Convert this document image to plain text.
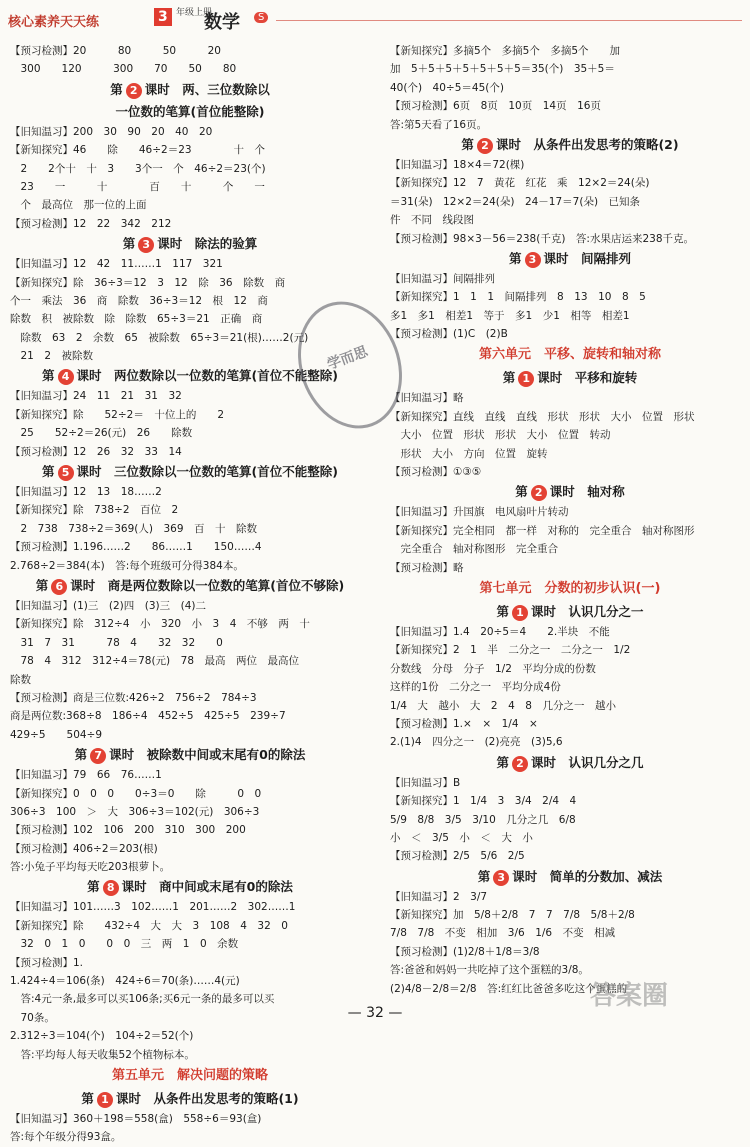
核心素养天天练	3 年级上册
数学	S
【预习检测】20　　　80　　　50　　　20
　300　　120　　　300　　70　　50　　80
第 2 课时　两、三位数除以
一位数的笔算(首位能整除)
【旧知温习】200　30　90　20　40　20
【新知探究】46　　除　　46÷2＝23　　　　十　个
　2　　2个十　十　3　　3个一　个　46÷2＝23(个)
　23　　一　　　十　　　　百　　十　　　个　　一
　个　最高位　那一位的上面
【预习检测】12　22　342　212
第 3 课时　除法的验算
【旧知温习】12　42　11……1　117　321
【新知探究】除　36÷3＝12　3　12　除　36　除数　商
个一　乘法　36　商　除数　36÷3＝12　根　12　商
除数　积　被除数　除　除数　65÷3＝21　正确　商
　除数　63　2　余数　65　被除数　65÷3＝21(根)……2(元)
　21　2　被除数
第 4 课时　两位数除以一位数的笔算(首位不能整除)
【旧知温习】24　11　21　31　32
【新知探究】除　　52÷2＝　十位上的　　2
　25　　52÷2＝26(元)　26　　除数
【预习检测】12　26　32　33　14
第 5 课时　三位数除以一位数的笔算(首位不能整除)
【旧知温习】12　13　18……2　　　
【新知探究】除　738÷2　百位　2　　　
　2　738　738÷2＝369(人)　369　百　十　除数
【预习检测】1.196……2　　86……1　　150……4
2.768÷2＝384(本)　答:每个班级可分得384本。
第 6 课时　商是两位数除以一位数的笔算(首位不够除)
【旧知温习】(1)三　(2)四　(3)三　(4)二
【新知探究】除　312÷4　小　320　小　3　4　不够　两　十
　31　7　31　　　78　4　　32　32　　0
　78　4　312　312÷4＝78(元)　78　最高　两位　最高位
除数
【预习检测】商是三位数:426÷2　756÷2　784÷3
商是两位数:368÷8　186÷4　452÷5　425÷5　239÷7
429÷5　　504÷9
第 7 课时　被除数中间或末尾有0的除法
【旧知温习】79　66　76……1
【新知探究】0　0　0　　0÷3＝0　　除　　　0　0
306÷3　100　＞　大　306÷3＝102(元)　306÷3
【预习检测】102　106　200　310　300　200
【预习检测】406÷2＝203(根)
答:小兔子平均每天吃203根萝卜。
第 8 课时　商中间或末尾有0的除法
【旧知温习】101……3　102……1　201……2　302……1
【新知探究】除　　432÷4　大　大　3　108　4　32　0
　32　0　1　0　　0　0　三　两　1　0　余数
【预习检测】1.　　　
1.424÷4＝106(条)　424÷6＝70(条)……4(元)
　答:4元一条,最多可以买106条;买6元一条的最多可以买
　70条。
2.312÷3＝104(个)　104÷2＝52(个)
　答:平均每人每天收集52个植物标本。
第五单元　解决问题的策略
第 1 课时　从条件出发思考的策略(1)
【旧知温习】360＋198＝558(盒)　558÷6＝93(盒)
答:每个年级分得93盒。
【新知探究】多摘5个　多摘5个　多摘5个　　加
加　5＋5＋5＋5＋5＋5＋5＝35(个)　35＋5＝
40(个)　40÷5＝45(个)
【预习检测】6页　8页　10页　14页　16页
答:第5天看了16页。
第 2 课时　从条件出发思考的策略(2)
【旧知温习】18×4＝72(棵)　　
【新知探究】12　7　黄花　红花　乘　12×2＝24(朵)
＝31(朵)　12×2＝24(朵)　24－17＝7(朵)　已知条
件　不同　线段图
【预习检测】98×3－56＝238(千克)　答:水果店运来238千克。
第 3 课时　间隔排列
【旧知温习】间隔排列
【新知探究】1　1　1　间隔排列　8　13　10　8　5
多1　多1　相差1　等于　多1　少1　相等　相差1
【预习检测】(1)C　(2)B
第六单元　平移、旋转和轴对称
第 1 课时　平移和旋转
【旧知温习】略
【新知探究】直线　直线　直线　形状　形状　大小　位置　形状
　大小　位置　形状　形状　大小　位置　转动
　形状　大小　方向　位置　旋转
【预习检测】①③⑤
第 2 课时　轴对称
【旧知温习】升国旗　电风扇叶片转动
【新知探究】完全相同　都一样　对称的　完全重合　轴对称图形
　完全重合　轴对称图形　完全重合
【预习检测】略
第七单元　分数的初步认识(一)
第 1 课时　认识几分之一
【旧知温习】1.4　20÷5＝4　　2.半块　不能
【新知探究】2　1　半　二分之一　二分之一　1/2
分数线　分母　分子　1/2　平均分成的份数
这样的1份　二分之一　平均分成4份
1/4　大　越小　大　2　4　8　几分之一　越小
【预习检测】1.×　×　1/4　×
2.(1)4　四分之一　(2)亮亮　(3)5,6
第 2 课时　认识几分之几
【旧知温习】B
【新知探究】1　1/4　3　3/4　2/4　4
5/9　8/8　3/5　3/10　几分之几　6/8
小　＜　3/5　小　＜　大　小
【预习检测】2/5　5/6　2/5
第 3 课时　简单的分数加、减法
【旧知温习】2　3/7
【新知探究】加　5/8＋2/8　7　7　7/8　5/8＋2/8
7/8　7/8　不变　相加　3/6　1/6　不变　相减
【预习检测】(1)2/8＋1/8＝3/8
答:爸爸和妈妈一共吃掉了这个蛋糕的3/8。
(2)4/8－2/8＝2/8　答:红红比爸爸多吃这个蛋糕的
学而思
答案圈
— 32 —
